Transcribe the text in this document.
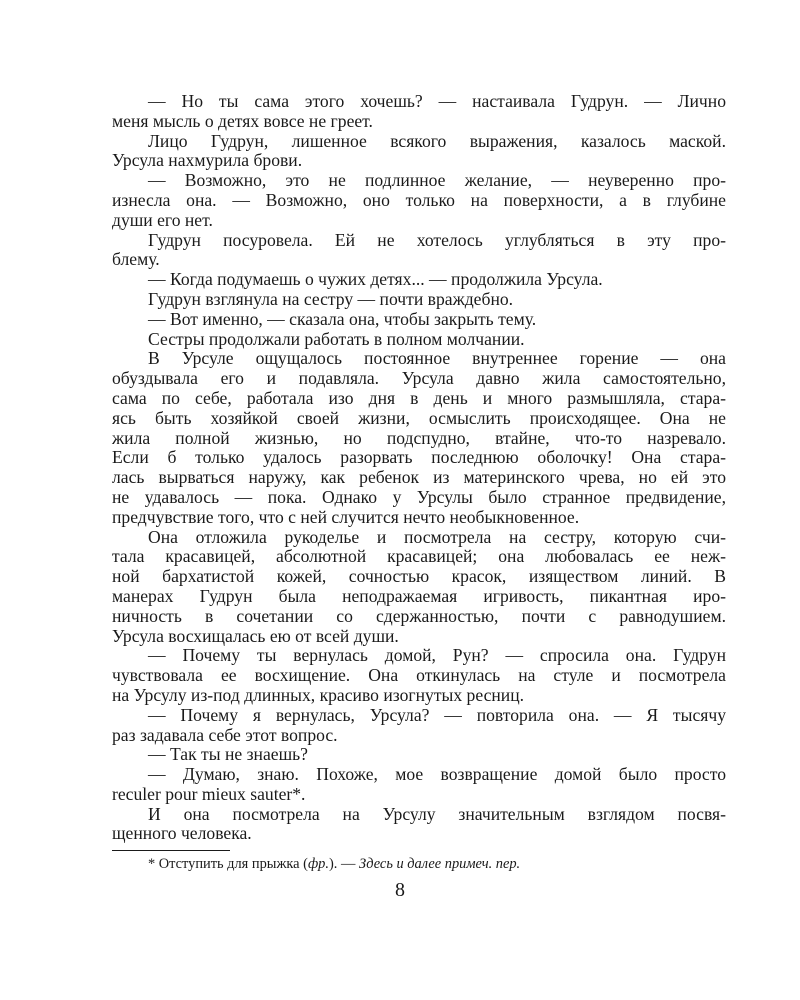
— Но ты сама этого хочешь? — настаивала Гудрун. — Лично
меня мысль о детях вовсе не греет.
Лицо Гудрун, лишенное всякого выражения, казалось маской.
Урсула нахмурила брови.
— Возможно, это не подлинное желание, — неуверенно про-
изнесла она. — Возможно, оно только на поверхности, а в глубине
души его нет.
Гудрун посуровела. Ей не хотелось углубляться в эту про-
блему.
— Когда подумаешь о чужих детях... — продолжила Урсула.
Гудрун взглянула на сестру — почти враждебно.
— Вот именно, — сказала она, чтобы закрыть тему.
Сестры продолжали работать в полном молчании.
В Урсуле ощущалось постоянное внутреннее горение — она
обуздывала его и подавляла. Урсула давно жила самостоятельно,
сама по себе, работала изо дня в день и много размышляла, стара-
ясь быть хозяйкой своей жизни, осмыслить происходящее. Она не
жила полной жизнью, но подспудно, втайне, что-то назревало.
Если б только удалось разорвать последнюю оболочку! Она стара-
лась вырваться наружу, как ребенок из материнского чрева, но ей это
не удавалось — пока. Однако у Урсулы было странное предвидение,
предчувствие того, что с ней случится нечто необыкновенное.
Она отложила рукоделье и посмотрела на сестру, которую счи-
тала красавицей, абсолютной красавицей; она любовалась ее неж-
ной бархатистой кожей, сочностью красок, изяществом линий. В
манерах Гудрун была неподражаемая игривость, пикантная иро-
ничность в сочетании со сдержанностью, почти с равнодушием.
Урсула восхищалась ею от всей души.
— Почему ты вернулась домой, Рун? — спросила она. Гудрун
чувствовала ее восхищение. Она откинулась на стуле и посмотрела
на Урсулу из-под длинных, красиво изогнутых ресниц.
— Почему я вернулась, Урсула? — повторила она. — Я тысячу
раз задавала себе этот вопрос.
— Так ты не знаешь?
— Думаю, знаю. Похоже, мое возвращение домой было просто
reculer pour mieux sauter*.
И она посмотрела на Урсулу значительным взглядом посвя-
щенного человека.
* Отступить для прыжка (фр.). — Здесь и далее примеч. пер.
8
